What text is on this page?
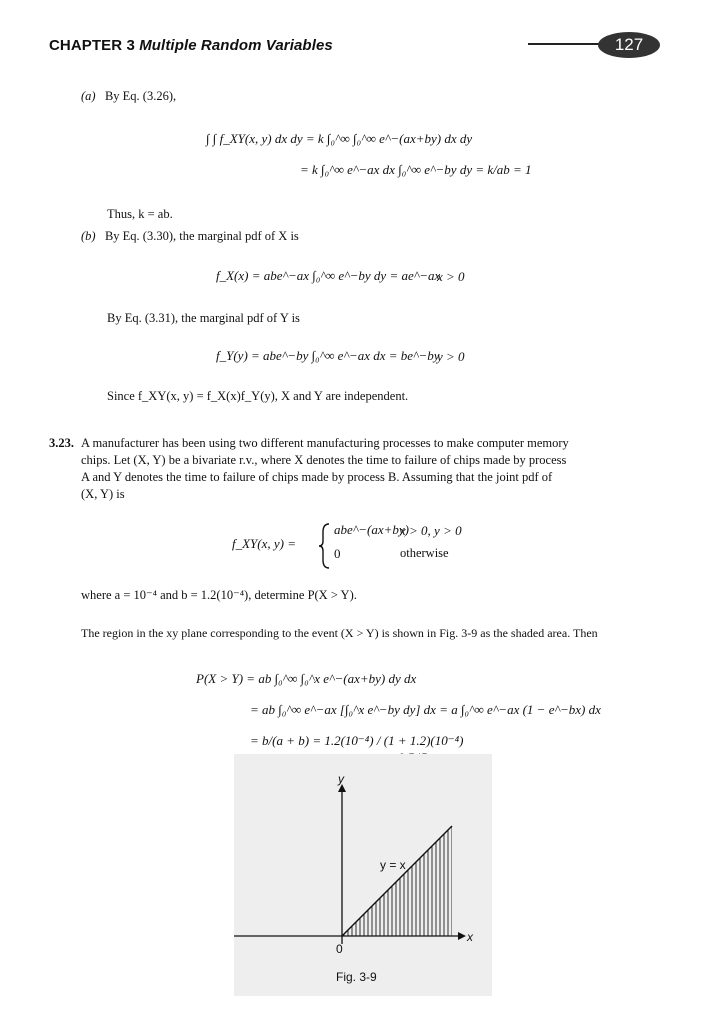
CHAPTER 3 Multiple Random Variables	127
(a) By Eq. (3.26),
∫ ∫ f_XY(x, y) dx dy = k ∫₀^∞ ∫₀^∞ e^−(ax+by) dx dy
= k ∫₀^∞ e^−ax dx ∫₀^∞ e^−by dy = k/ab = 1
Thus, k = ab.
(b) By Eq. (3.30), the marginal pdf of X is
f_X(x) = abe^−ax ∫₀^∞ e^−by dy = ae^−ax
x > 0
By Eq. (3.31), the marginal pdf of Y is
f_Y(y) = abe^−by ∫₀^∞ e^−ax dx = be^−by
y > 0
Since f_XY(x, y) = f_X(x)f_Y(y), X and Y are independent.
3.23. A manufacturer has been using two different manufacturing processes to make computer memory
chips. Let (X, Y) be a bivariate r.v., where X denotes the time to failure of chips made by process
A and Y denotes the time to failure of chips made by process B. Assuming that the joint pdf of
(X, Y) is
f_XY(x, y) =
abe^−(ax+by)
x > 0, y > 0
0	otherwise
where a = 10⁻⁴ and b = 1.2(10⁻⁴), determine P(X > Y).
The region in the xy plane corresponding to the event (X > Y) is shown in Fig. 3-9 as the shaded area. Then
P(X > Y) = ab ∫₀^∞ ∫₀^x e^−(ax+by) dy dx
= ab ∫₀^∞ e^−ax [∫₀^x e^−by dy] dx = a ∫₀^∞ e^−ax (1 − e^−bx) dx
= b/(a + b) = 1.2(10⁻⁴) / (1 + 1.2)(10⁻⁴)
y
y = x
0
x
Fig. 3-9
